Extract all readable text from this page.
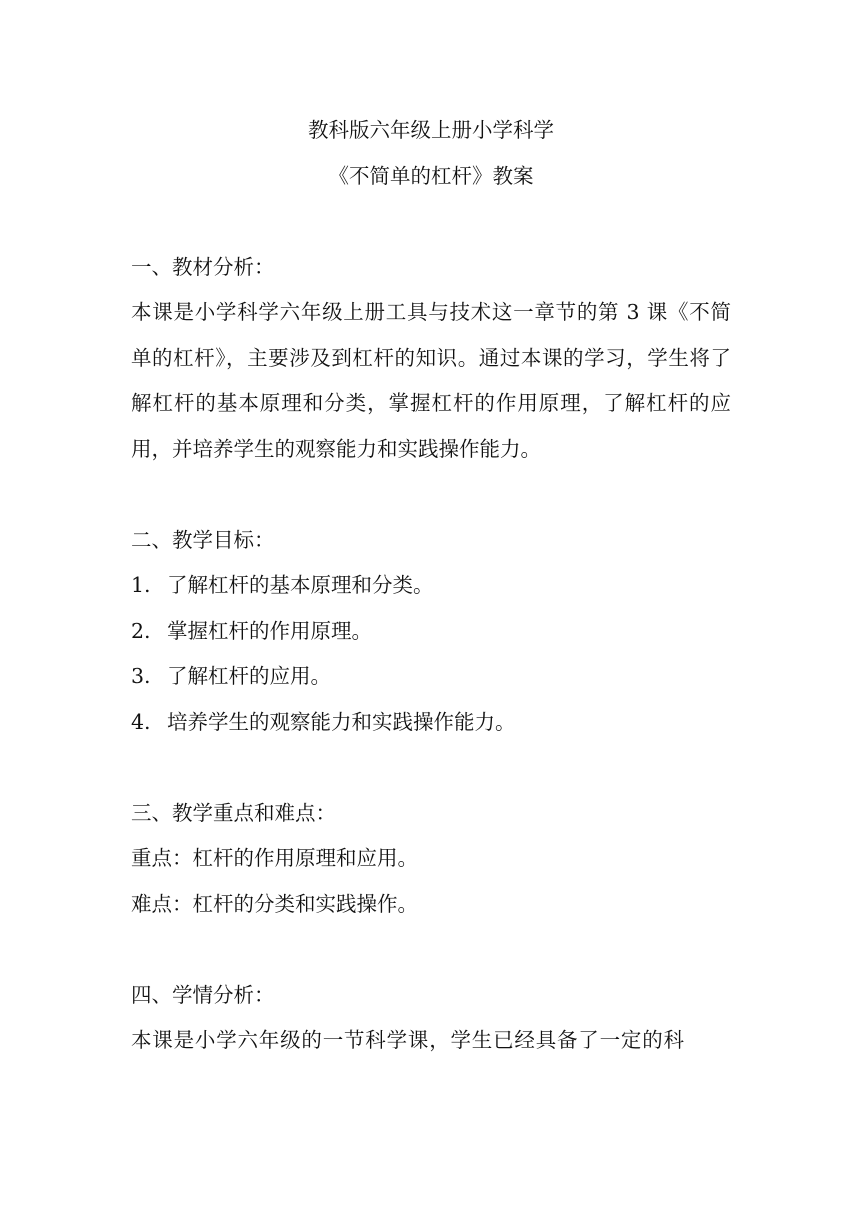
教科版六年级上册小学科学

《不简单的杠杆》教案

一、教材分析：

本课是小学科学六年级上册工具与技术这一章节的第 3 课《不简单的杠杆》，主要涉及到杠杆的知识。通过本课的学习，学生将了解杠杆的基本原理和分类，掌握杠杆的作用原理，了解杠杆的应用，并培养学生的观察能力和实践操作能力。

二、教学目标：

1. 了解杠杆的基本原理和分类。
2. 掌握杠杆的作用原理。
3. 了解杠杆的应用。
4. 培养学生的观察能力和实践操作能力。

三、教学重点和难点：

重点：杠杆的作用原理和应用。

难点：杠杆的分类和实践操作。

四、学情分析：

本课是小学六年级的一节科学课，学生已经具备了一定的科
